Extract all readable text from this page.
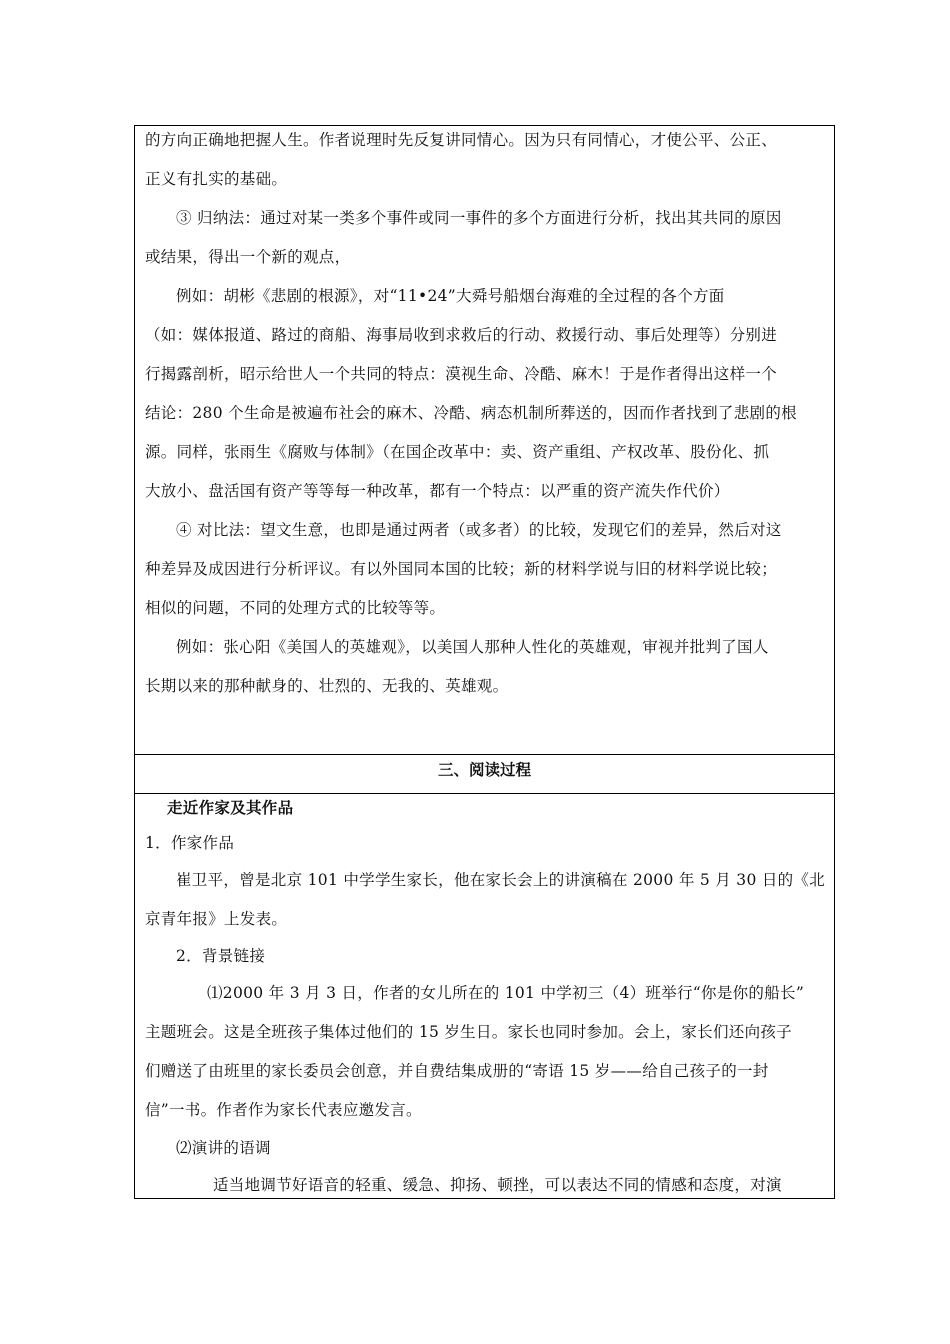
的方向正确地把握人生。作者说理时先反复讲同情心。因为只有同情心，才使公平、公正、
正义有扎实的基础。
③ 归纳法：通过对某一类多个事件或同一事件的多个方面进行分析，找出其共同的原因
或结果，得出一个新的观点，
例如：胡彬《悲剧的根源》，对“11•24”大舜号船烟台海难的全过程的各个方面
（如：媒体报道、路过的商船、海事局收到求救后的行动、救援行动、事后处理等）分别进
行揭露剖析，昭示给世人一个共同的特点：漠视生命、冷酷、麻木！于是作者得出这样一个
结论：280 个生命是被遍布社会的麻木、冷酷、病态机制所葬送的，因而作者找到了悲剧的根
源。同样，张雨生《腐败与体制》（在国企改革中：卖、资产重组、产权改革、股份化、抓
大放小、盘活国有资产等等每一种改革，都有一个特点：以严重的资产流失作代价）
④ 对比法：望文生意，也即是通过两者（或多者）的比较，发现它们的差异，然后对这
种差异及成因进行分析评议。有以外国同本国的比较；新的材料学说与旧的材料学说比较；
相似的问题，不同的处理方式的比较等等。
例如：张心阳《美国人的英雄观》，以美国人那种人性化的英雄观，审视并批判了国人
长期以来的那种献身的、壮烈的、无我的、英雄观。
三、阅读过程
走近作家及其作品
1．作家作品
崔卫平，曾是北京 101 中学学生家长，他在家长会上的讲演稿在 2000 年 5 月 30 日的《北
京青年报》上发表。
2．背景链接
⑴2000 年 3 月 3 日，作者的女儿所在的 101 中学初三（4）班举行“你是你的船长”
主题班会。这是全班孩子集体过他们的 15 岁生日。家长也同时参加。会上，家长们还向孩子
们赠送了由班里的家长委员会创意，并自费结集成册的“寄语 15 岁——给自己孩子的一封
信”一书。作者作为家长代表应邀发言。
⑵演讲的语调
适当地调节好语音的轻重、缓急、抑扬、顿挫，可以表达不同的情感和态度，对演
